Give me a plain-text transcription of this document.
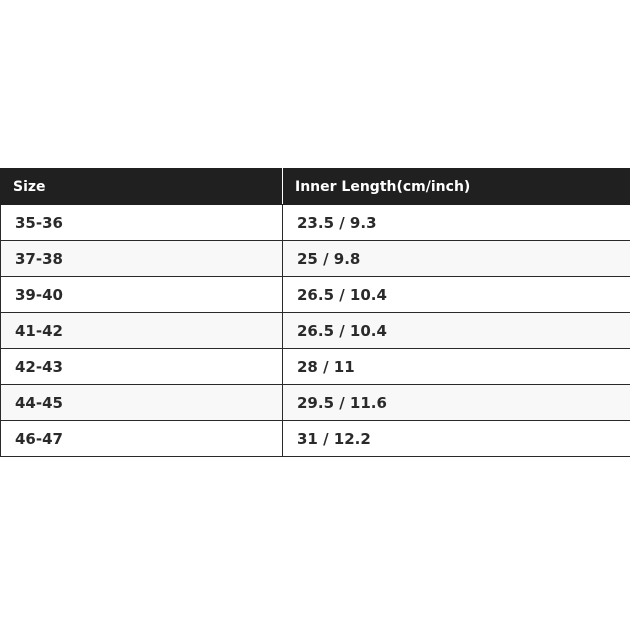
Size	Inner Length(cm/inch)
35-36	23.5 / 9.3
37-38	25 / 9.8
39-40	26.5 / 10.4
41-42	26.5 / 10.4
42-43	28 / 11
44-45	29.5 / 11.6
46-47	31 / 12.2
